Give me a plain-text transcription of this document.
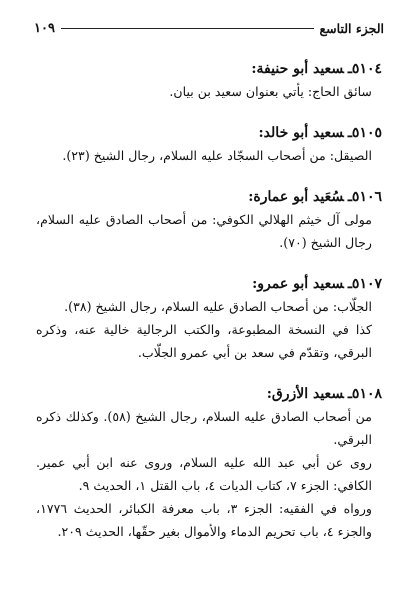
الجزء التاسع
١٠٩
٥١٠٤ـسعيد أبو حنيفة:

سائق الحاج: يأتي بعنوان سعيد بن بيان.

٥١٠٥ـسعيد أبو خالد:

الصيقل: من أصحاب السجّاد عليه السلام، رجال الشيخ (٢٣).

٥١٠٦ـسُعَيد أبو عمارة:

مولى آل خيثم الهلالي الكوفي: من أصحاب الصادق عليه السلام، رجال الشيخ (٧٠).

٥١٠٧ـسعيد أبو عمرو:

الجلّاب: من أصحاب الصادق عليه السلام، رجال الشيخ (٣٨).

كذا في النسخة المطبوعة، والكتب الرجالية خالية عنه، وذكره البرقي، وتقدّم في سعد بن أبي عمرو الجلّاب.

٥١٠٨ـسعيد الأزرق:

من أصحاب الصادق عليه السلام، رجال الشيخ (٥٨). وكذلك ذكره البرقي.

روى عن أبي عبد الله عليه السلام، وروى عنه ابن أبي عمير. الكافي: الجزء ٧، كتاب الديات ٤، باب القتل ١، الحديث ٩.

ورواه في الفقيه: الجزء ٣، باب معرفة الكبائر، الحديث ١٧٧٦، والجزء ٤، باب تحريم الدماء والأموال بغير حقّها، الحديث ٢٠٩.
